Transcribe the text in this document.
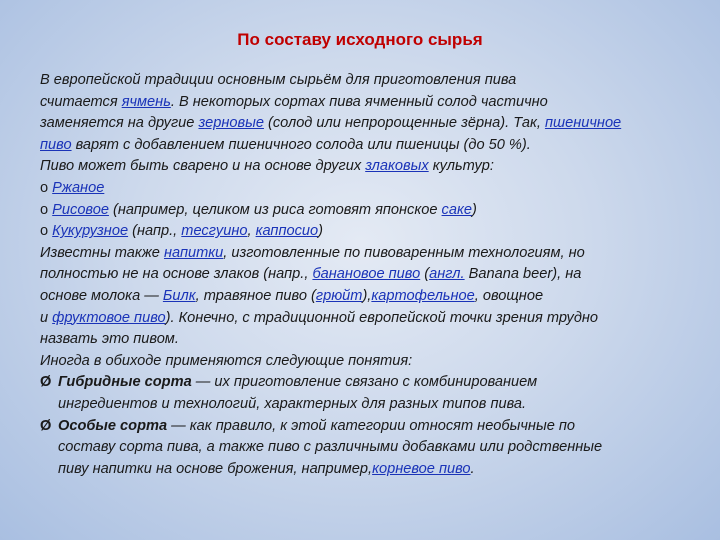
По составу исходного сырья
В европейской традиции основным сырьём для приготовления пива
считается ячмень. В некоторых сортах пива ячменный солод частично
заменяется на другие зерновые (солод или непророщенные зёрна). Так, пшеничное
пиво варят с добавлением пшеничного солода или пшеницы (до 50 %).
Пиво может быть сварено и на основе других злаковых культур:
o Ржаное
o Рисовое (например, целиком из риса готовят японское саке)
o Кукурузное (напр., тесгуино, каппосио)
Известны также напитки, изготовленные по пивоваренным технологиям, но
полностью не на основе злаков (напр., банановое пиво (англ. Banana beer), на
основе молока — Билк, травяное пиво (грюйт),картофельное, овощное
и фруктовое пиво). Конечно, с традиционной европейской точки зрения трудно
назвать это пивом.
Иногда в обиходе применяются следующие понятия:
Ø Гибридные сорта — их приготовление связано с комбинированием
ингредиентов и технологий, характерных для разных типов пива.
Ø Особые сорта — как правило, к этой категории относят необычные по
составу сорта пива, а также пиво с различными добавками или родственные
пиву напитки на основе брожения, например,корневое пиво.
